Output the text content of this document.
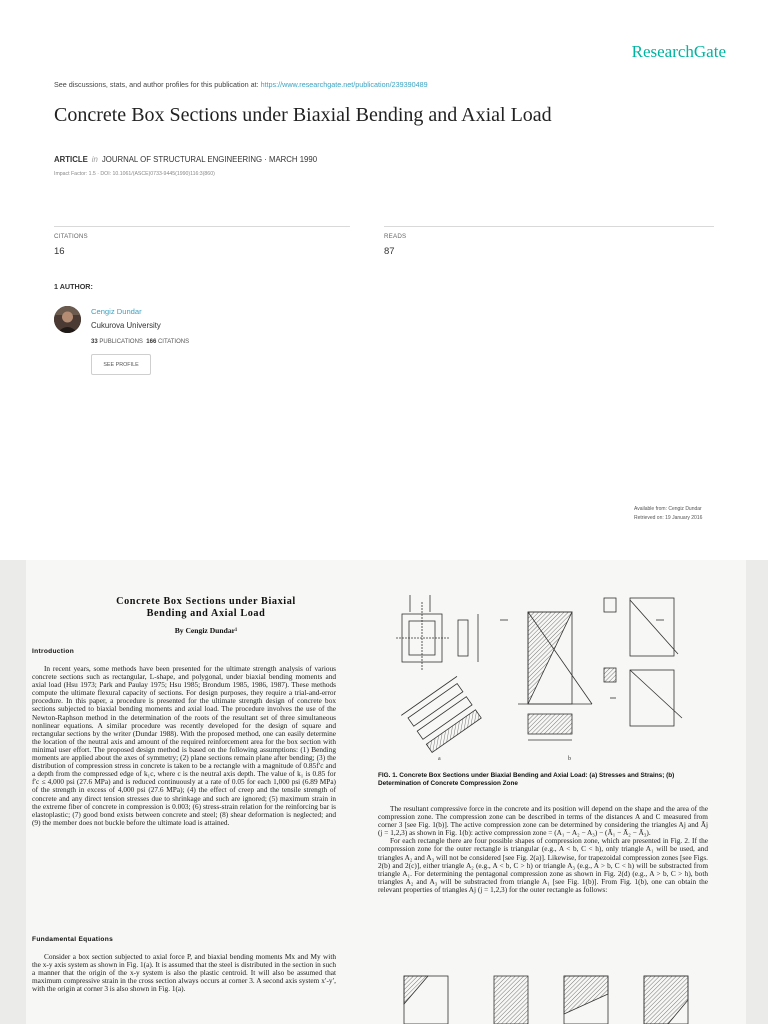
ResearchGate
See discussions, stats, and author profiles for this publication at: https://www.researchgate.net/publication/239390489
Concrete Box Sections under Biaxial Bending and Axial Load
ARTICLE in JOURNAL OF STRUCTURAL ENGINEERING · MARCH 1990
Impact Factor: 1.5 · DOI: 10.1061/(ASCE)0733-9445(1990)116:3(860)
CITATIONS
16
READS
87
1 AUTHOR:
Cengiz Dundar
Cukurova University
33 PUBLICATIONS 166 CITATIONS
SEE PROFILE
Available from: Cengiz Dundar
Retrieved on: 19 January 2016
Concrete Box Sections under Biaxial
Bending and Axial Load
By Cengiz Dundar¹
Introduction

In recent years, some methods have been presented for the ultimate strength analysis of various concrete sections such as rectangular, L-shape, and polygonal, under biaxial bending moments and axial load (Hsu 1973; Park and Paulay 1975; Hsu 1985; Brondum 1985, 1986, 1987). These methods compute the ultimate flexural capacity of sections. For design purposes, they require a trial-and-error procedure. In this paper, a procedure is presented for the ultimate strength design of concrete box sections subjected to biaxial bending moments and axial load. The procedure involves the use of the Newton-Raphson method in the determination of the roots of the resultant set of three simultaneous nonlinear equations. A similar procedure was recently developed for the design of square and rectangular sections by the writer (Dundar 1988). With the proposed method, one can easily determine the location of the neutral axis and amount of the required reinforcement area for the box section with minimal user effort. The proposed design method is based on the following assumptions: (1) Bending moments are applied about the axes of symmetry; (2) plane sections remain plane after bending; (3) the distribution of compression stress in concrete is taken to be a rectangle with a magnitude of 0.85f′c and a depth from the compressed edge of k₁c, where c is the neutral axis depth. The value of k₁ is 0.85 for f′c ≤ 4,000 psi (27.6 MPa) and is reduced continuously at a rate of 0.05 for each 1,000 psi (6.89 MPa) of the strength in excess of 4,000 psi (27.6 MPa); (4) the effect of creep and the tensile strength of concrete and any direct tension stresses due to shrinkage and such are ignored; (5) maximum strain in the extreme fiber of concrete in compression is 0.003; (6) stress-strain relation for the reinforcing bar is elastoplastic; (7) good bond exists between concrete and steel; (8) shear deformation is neglected; and (9) the member does not buckle before the ultimate load is attained.

Fundamental Equations

Consider a box section subjected to axial force P, and biaxial bending moments Mx and My with the x-y axis system as shown in Fig. 1(a). It is assumed that the steel is distributed in the section in such a manner that the origin of the x-y system is also the plastic centroid. It will also be assumed that maximum compressive strain in the cross section always occurs at corner 3. A second axis system x′-y′, with the origin at corner 3 is also shown in Fig. 1(a).

a	b
FIG. 1. Concrete Box Sections under Biaxial Bending and Axial Load: (a) Stresses and Strains; (b) Determination of Concrete Compression Zone

The resultant compressive force in the concrete and its position will depend on the shape and the area of the compression zone. The compression zone can be described in terms of the distances A and C measured from corner 3 [see Fig. 1(b)]. The active compression zone can be determined by considering the triangles Aj and Āj (j = 1,2,3) as shown in Fig. 1(b): active compression zone = (A₁ − A₂ − A₃) − (Ā₁ − Ā₂ − Ā₃).

For each rectangle there are four possible shapes of compression zone, which are presented in Fig. 2. If the compression zone for the outer rectangle is triangular (e.g., A < b, C < h), only triangle A₁ will be used, and triangles A₂ and A₃ will not be considered [see Fig. 2(a)]. Likewise, for trapezoidal compression zones [see Figs. 2(b) and 2(c)], either triangle A₂ (e.g., A < b, C > h) or triangle A₃ (e.g., A > b, C < h) will be substracted from triangle A₁. For determining the pentagonal compression zone as shown in Fig. 2(d) (e.g., A > b, C > h), both triangles A₂ and A₃ will be substracted from triangle A₁ [see Fig. 1(b)]. From Fig. 1(b), one can obtain the relevant properties of triangles Aj (j = 1,2,3) for the outer rectangle as follows:
